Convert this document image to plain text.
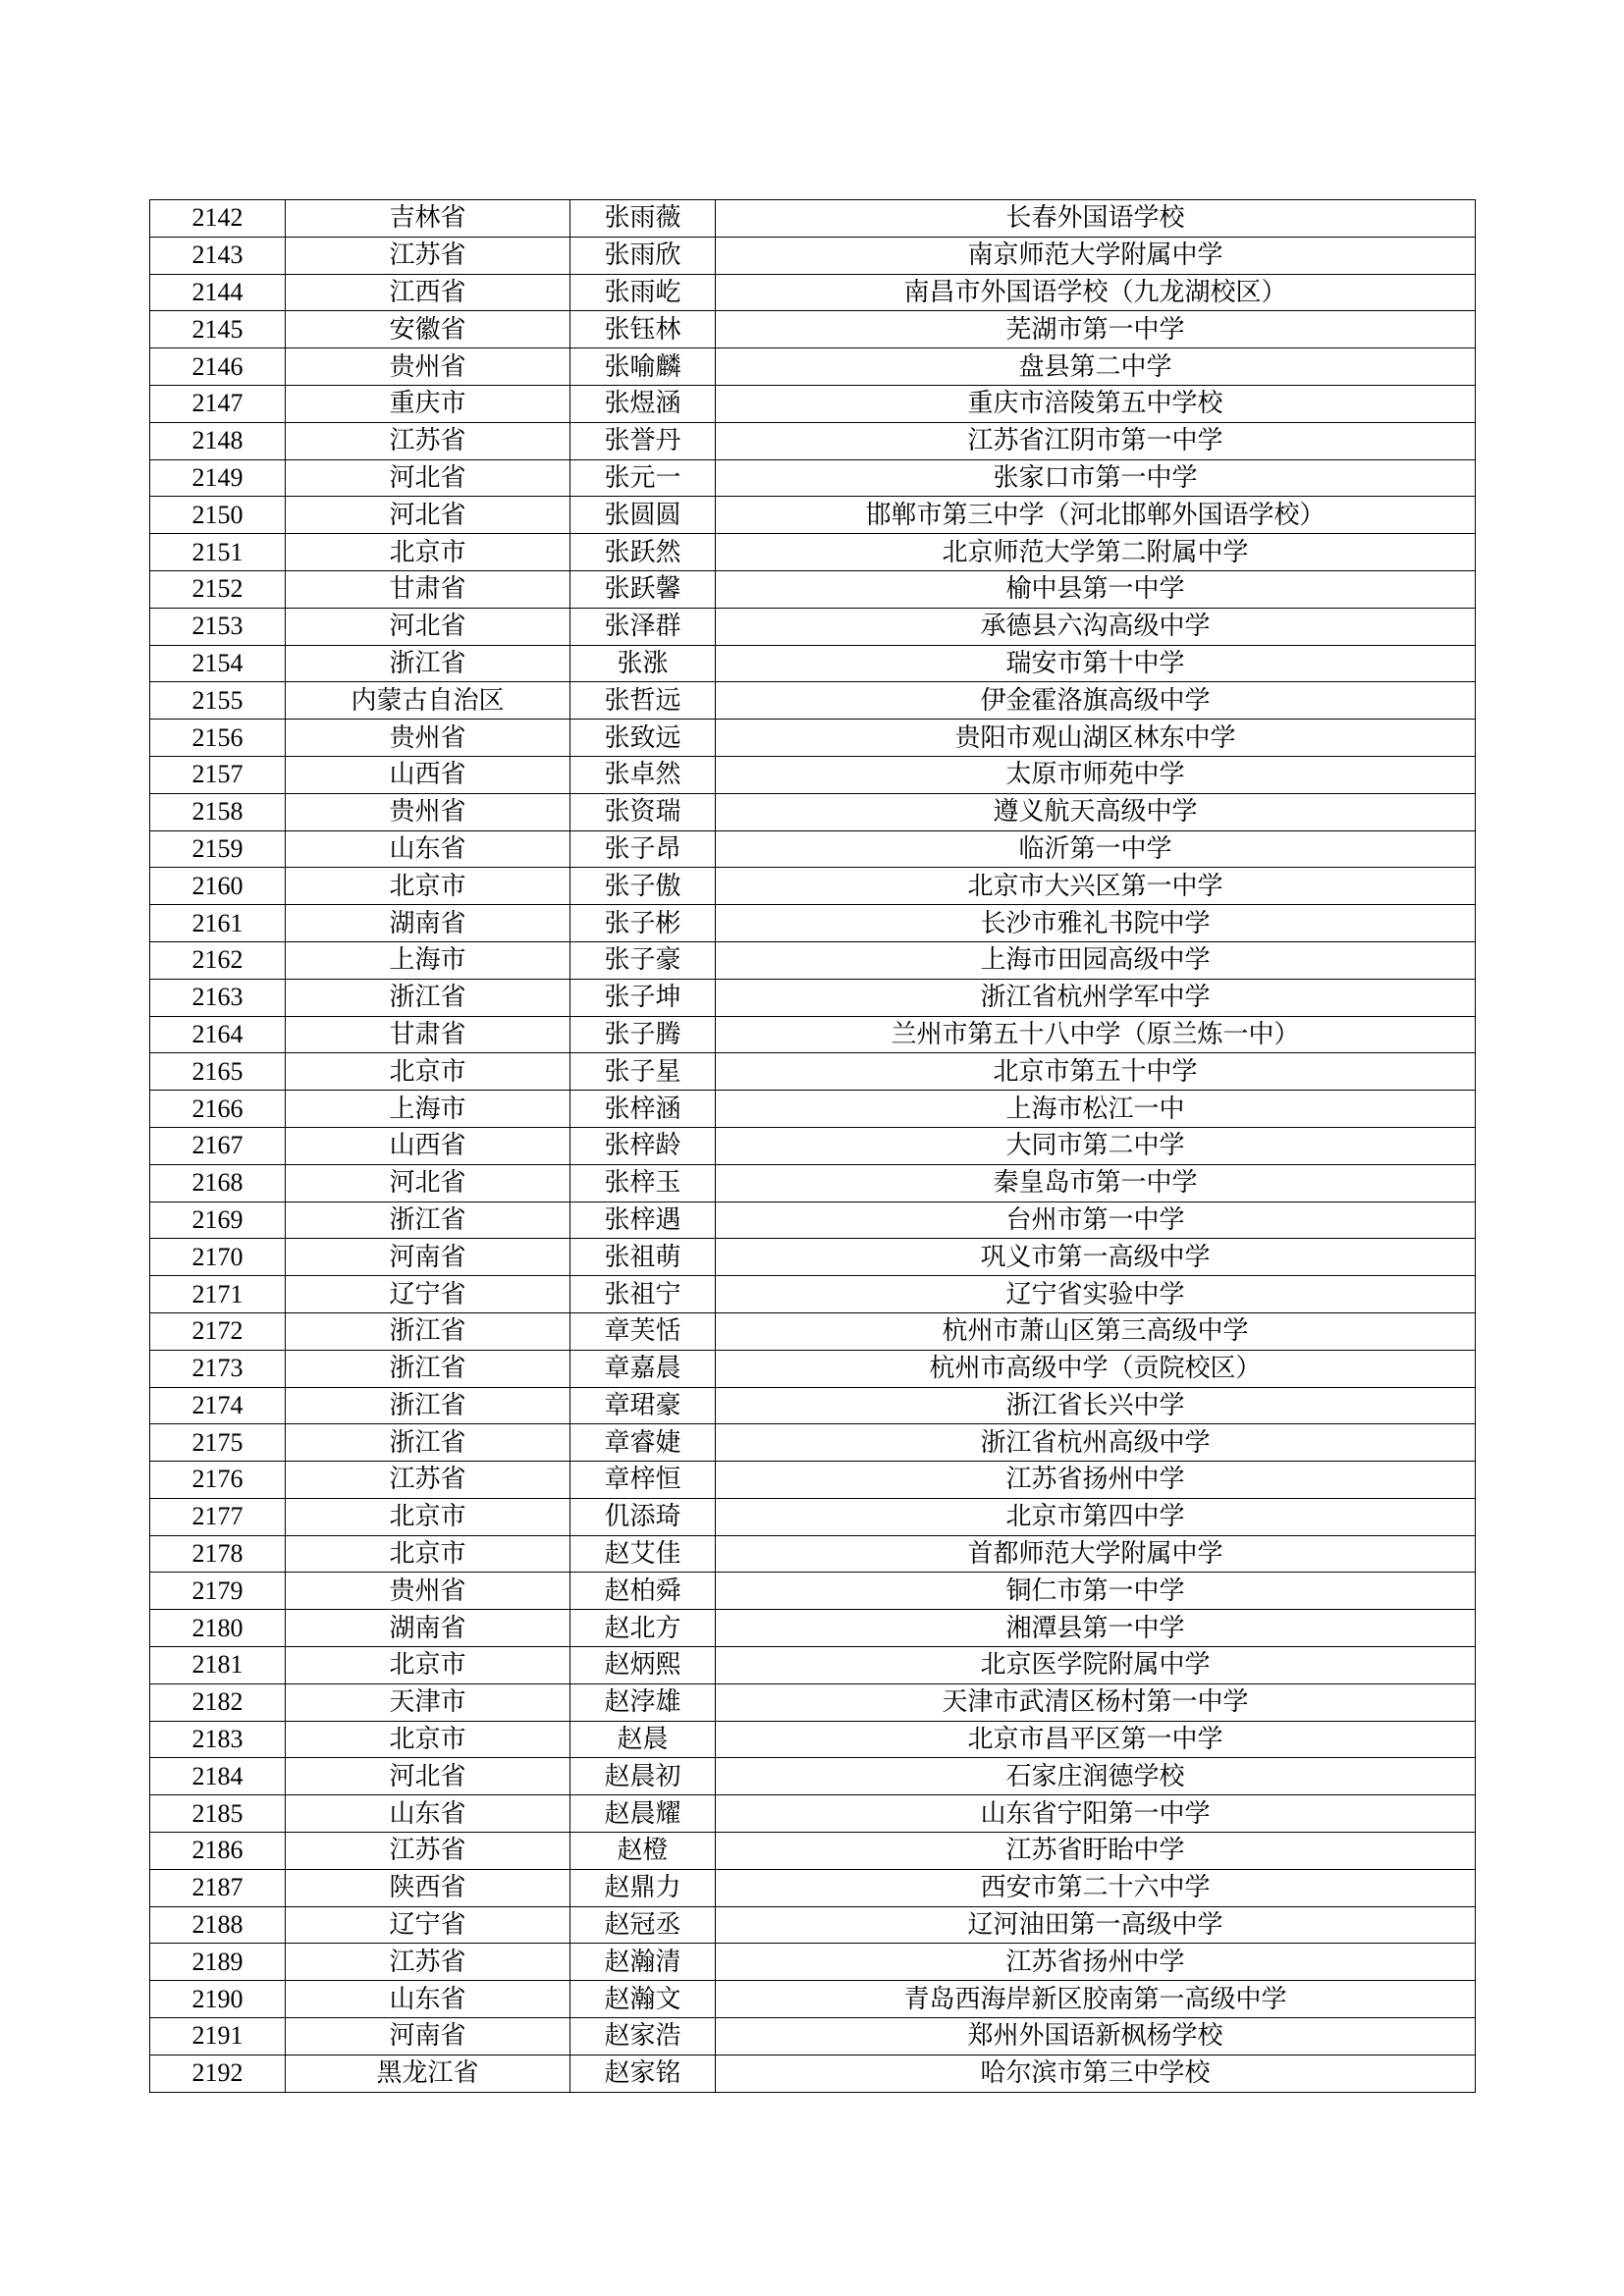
2142	吉林省	张雨薇	长春外国语学校
2143	江苏省	张雨欣	南京师范大学附属中学
2144	江西省	张雨屹	南昌市外国语学校（九龙湖校区）
2145	安徽省	张钰林	芜湖市第一中学
2146	贵州省	张喻麟	盘县第二中学
2147	重庆市	张煜涵	重庆市涪陵第五中学校
2148	江苏省	张誉丹	江苏省江阴市第一中学
2149	河北省	张元一	张家口市第一中学
2150	河北省	张圆圆	邯郸市第三中学（河北邯郸外国语学校）
2151	北京市	张跃然	北京师范大学第二附属中学
2152	甘肃省	张跃馨	榆中县第一中学
2153	河北省	张泽群	承德县六沟高级中学
2154	浙江省	张涨	瑞安市第十中学
2155	内蒙古自治区	张哲远	伊金霍洛旗高级中学
2156	贵州省	张致远	贵阳市观山湖区林东中学
2157	山西省	张卓然	太原市师苑中学
2158	贵州省	张资瑞	遵义航天高级中学
2159	山东省	张子昂	临沂第一中学
2160	北京市	张子傲	北京市大兴区第一中学
2161	湖南省	张子彬	长沙市雅礼书院中学
2162	上海市	张子豪	上海市田园高级中学
2163	浙江省	张子坤	浙江省杭州学军中学
2164	甘肃省	张子腾	兰州市第五十八中学（原兰炼一中）
2165	北京市	张子星	北京市第五十中学
2166	上海市	张梓涵	上海市松江一中
2167	山西省	张梓龄	大同市第二中学
2168	河北省	张梓玉	秦皇岛市第一中学
2169	浙江省	张梓遇	台州市第一中学
2170	河南省	张祖萌	巩义市第一高级中学
2171	辽宁省	张祖宁	辽宁省实验中学
2172	浙江省	章芙恬	杭州市萧山区第三高级中学
2173	浙江省	章嘉晨	杭州市高级中学（贡院校区）
2174	浙江省	章珺豪	浙江省长兴中学
2175	浙江省	章睿婕	浙江省杭州高级中学
2176	江苏省	章梓恒	江苏省扬州中学
2177	北京市	仉添琦	北京市第四中学
2178	北京市	赵艾佳	首都师范大学附属中学
2179	贵州省	赵柏舜	铜仁市第一中学
2180	湖南省	赵北方	湘潭县第一中学
2181	北京市	赵炳熙	北京医学院附属中学
2182	天津市	赵浡雄	天津市武清区杨村第一中学
2183	北京市	赵晨	北京市昌平区第一中学
2184	河北省	赵晨初	石家庄润德学校
2185	山东省	赵晨耀	山东省宁阳第一中学
2186	江苏省	赵橙	江苏省盱眙中学
2187	陕西省	赵鼎力	西安市第二十六中学
2188	辽宁省	赵冠丞	辽河油田第一高级中学
2189	江苏省	赵瀚清	江苏省扬州中学
2190	山东省	赵瀚文	青岛西海岸新区胶南第一高级中学
2191	河南省	赵家浩	郑州外国语新枫杨学校
2192	黑龙江省	赵家铭	哈尔滨市第三中学校
